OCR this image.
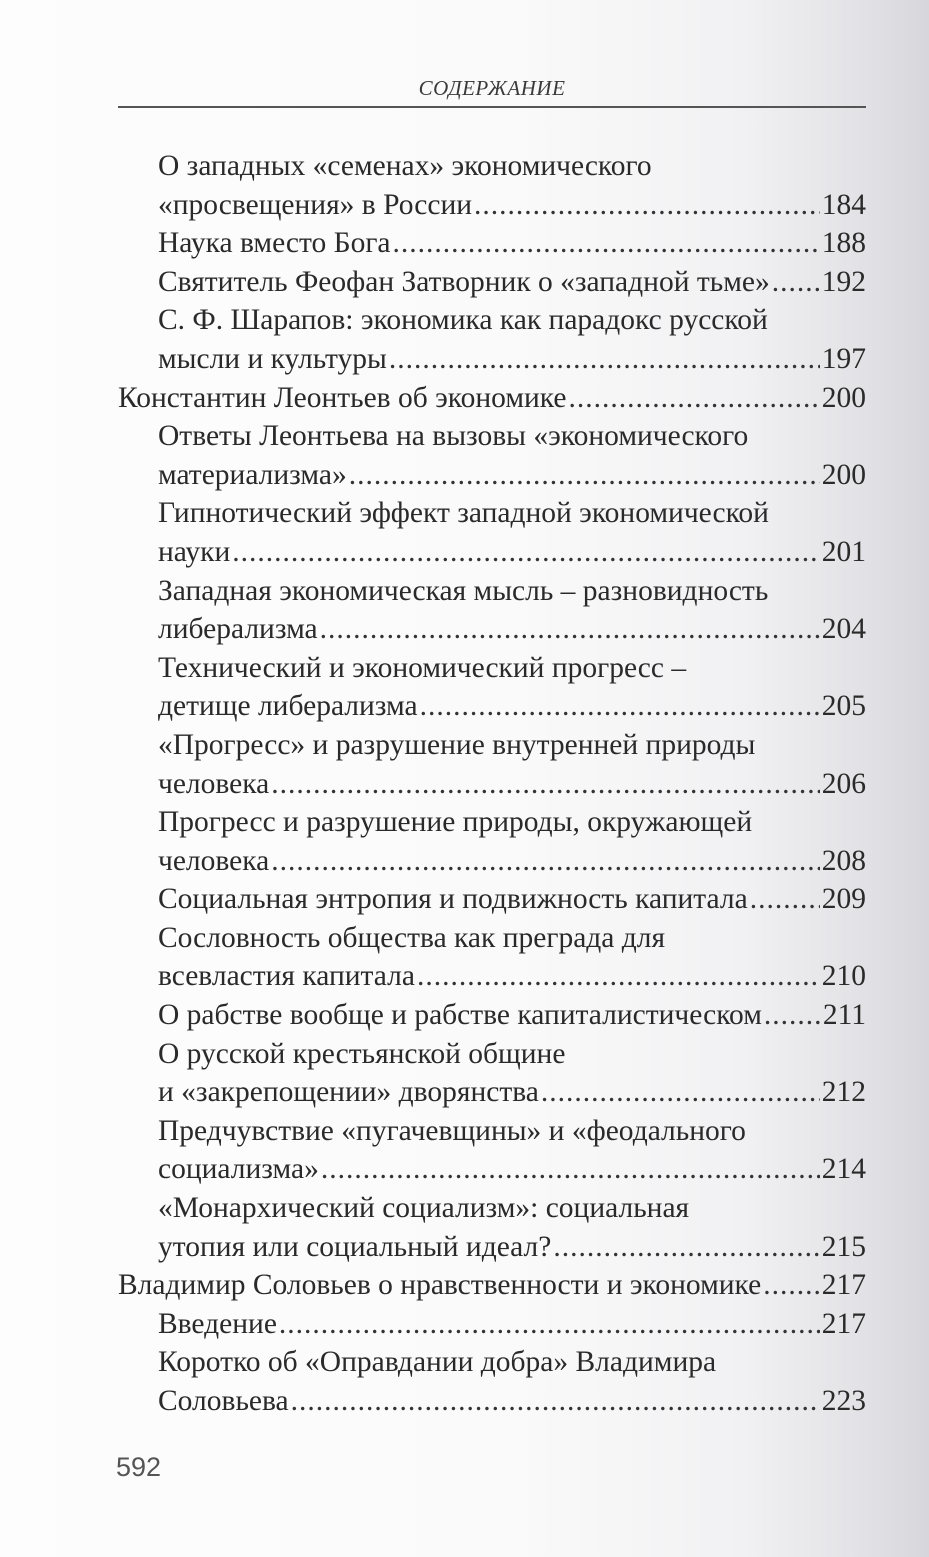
СОДЕРЖАНИЕ
О западных «семенах» экономического
«просвещения» в России .....	184
Наука вместо Бога .....	188
Святитель Феофан Затворник о «западной тьме» ..... 192
С. Ф. Шарапов: экономика как парадокс русской
мысли и культуры .....	197
Константин Леонтьев об экономике .....	200
Ответы Леонтьева на вызовы «экономического
материализма» .....	200
Гипнотический эффект западной экономической
науки .....	201
Западная экономическая мысль – разновидность
либерализма .....	204
Технический и экономический прогресс –
детище либерализма .....	205
«Прогресс» и разрушение внутренней природы
человека .....	206
Прогресс и разрушение природы, окружающей
человека .....	208
Социальная энтропия и подвижность капитала .....	209
Сословность общества как преграда для
всевластия капитала .....	210
О рабстве вообще и рабстве капиталистическом ..... 211
О русской крестьянской общине
и «закрепощении» дворянства .....	212
Предчувствие «пугачевщины» и «феодального
социализма» .....	214
«Монархический социализм»: социальная
утопия или социальный идеал? .....	215
Владимир Соловьев о нравственности и экономике ..... 217
Введение .....	217
Коротко об «Оправдании добра» Владимира
Соловьева .....	223
592
